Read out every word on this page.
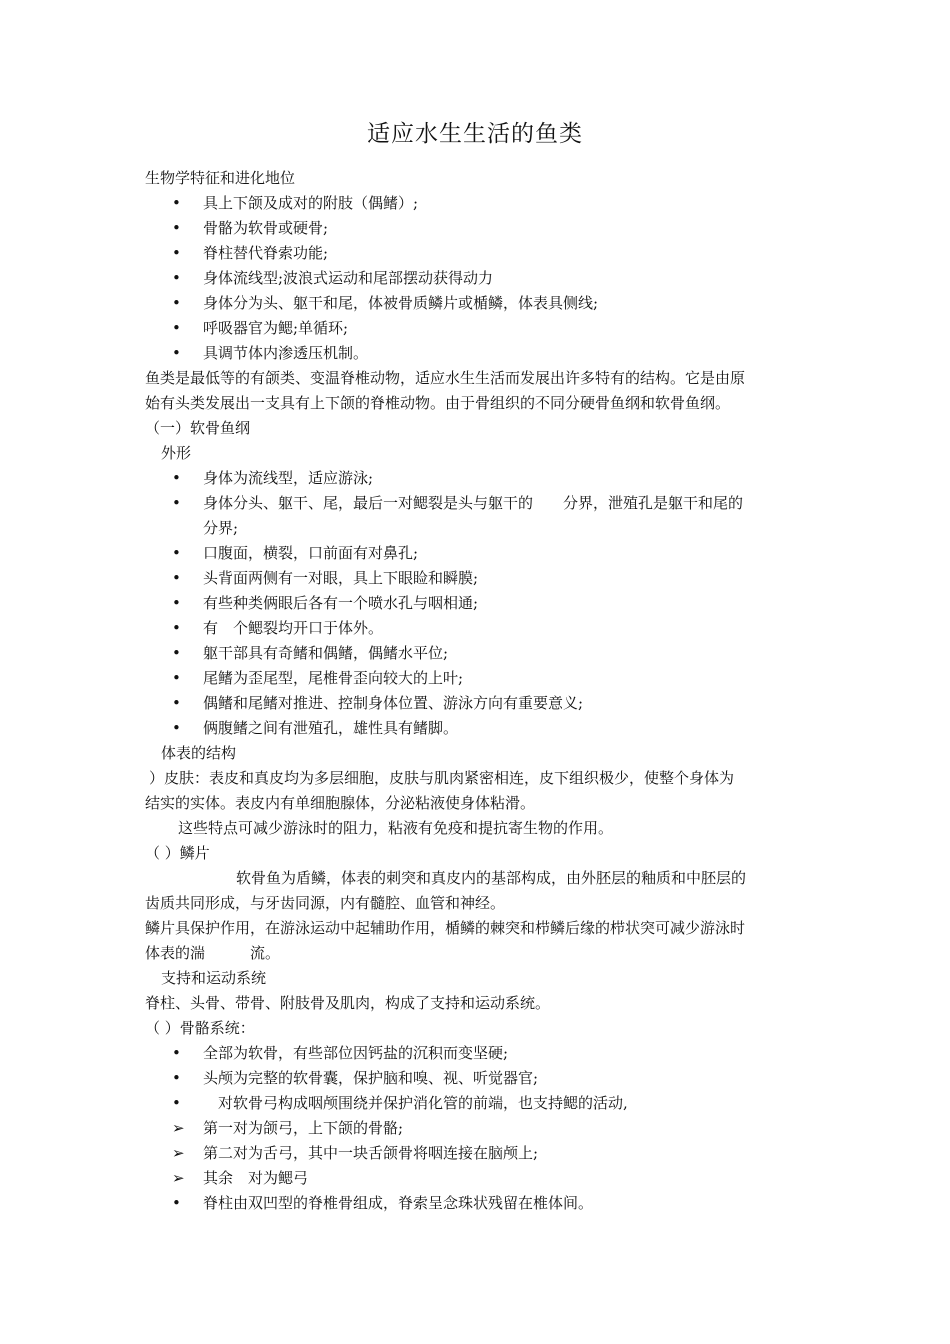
适应水生生活的鱼类
生物学特征和进化地位
•	具上下颌及成对的附肢（偶鳍）;
•	骨骼为软骨或硬骨;
•	脊柱替代脊索功能;
•	身体流线型;波浪式运动和尾部摆动获得动力
•	身体分为头、躯干和尾，体被骨质鳞片或楯鳞，体表具侧线;
•	呼吸器官为鳃;单循环;
•	具调节体内渗透压机制。
鱼类是最低等的有颌类、变温脊椎动物，适应水生生活而发展出许多特有的结构。它是由原
始有头类发展出一支具有上下颌的脊椎动物。由于骨组织的不同分硬骨鱼纲和软骨鱼纲。
（一）软骨鱼纲
外形
•	身体为流线型，适应游泳;
•	身体分头、躯干、尾，最后一对鳃裂是头与躯干的　　分界，泄殖孔是躯干和尾的
分界;
•	口腹面，横裂，口前面有对鼻孔;
•	头背面两侧有一对眼，具上下眼睑和瞬膜;
•	有些种类俩眼后各有一个喷水孔与咽相通;
•	有　个鳃裂均开口于体外。
•	躯干部具有奇鳍和偶鳍，偶鳍水平位;
•	尾鳍为歪尾型，尾椎骨歪向较大的上叶;
•	偶鳍和尾鳍对推进、控制身体位置、游泳方向有重要意义;
•	俩腹鳍之间有泄殖孔，雄性具有鳍脚。
体表的结构
）皮肤：表皮和真皮均为多层细胞，皮肤与肌肉紧密相连，皮下组织极少，使整个身体为
结实的实体。表皮内有单细胞腺体，分泌粘液使身体粘滑。
这些特点可减少游泳时的阻力，粘液有免疫和提抗寄生物的作用。
（ ）鳞片
软骨鱼为盾鳞，体表的刺突和真皮内的基部构成，由外胚层的釉质和中胚层的
齿质共同形成，与牙齿同源，内有髓腔、血管和神经。
鳞片具保护作用，在游泳运动中起辅助作用，楯鳞的棘突和栉鳞后缘的栉状突可减少游泳时
体表的湍　　　流。
支持和运动系统
脊柱、头骨、带骨、附肢骨及肌肉，构成了支持和运动系统。
（ ）骨骼系统：
•	全部为软骨，有些部位因钙盐的沉积而变坚硬;
•	头颅为完整的软骨囊，保护脑和嗅、视、听觉器官;
•	　对软骨弓构成咽颅围绕并保护消化管的前端，也支持鳃的活动,
➢	第一对为颌弓，上下颌的骨骼;
➢	第二对为舌弓，其中一块舌颌骨将咽连接在脑颅上;
➢	其余　对为鳃弓
•	脊柱由双凹型的脊椎骨组成，脊索呈念珠状残留在椎体间。
